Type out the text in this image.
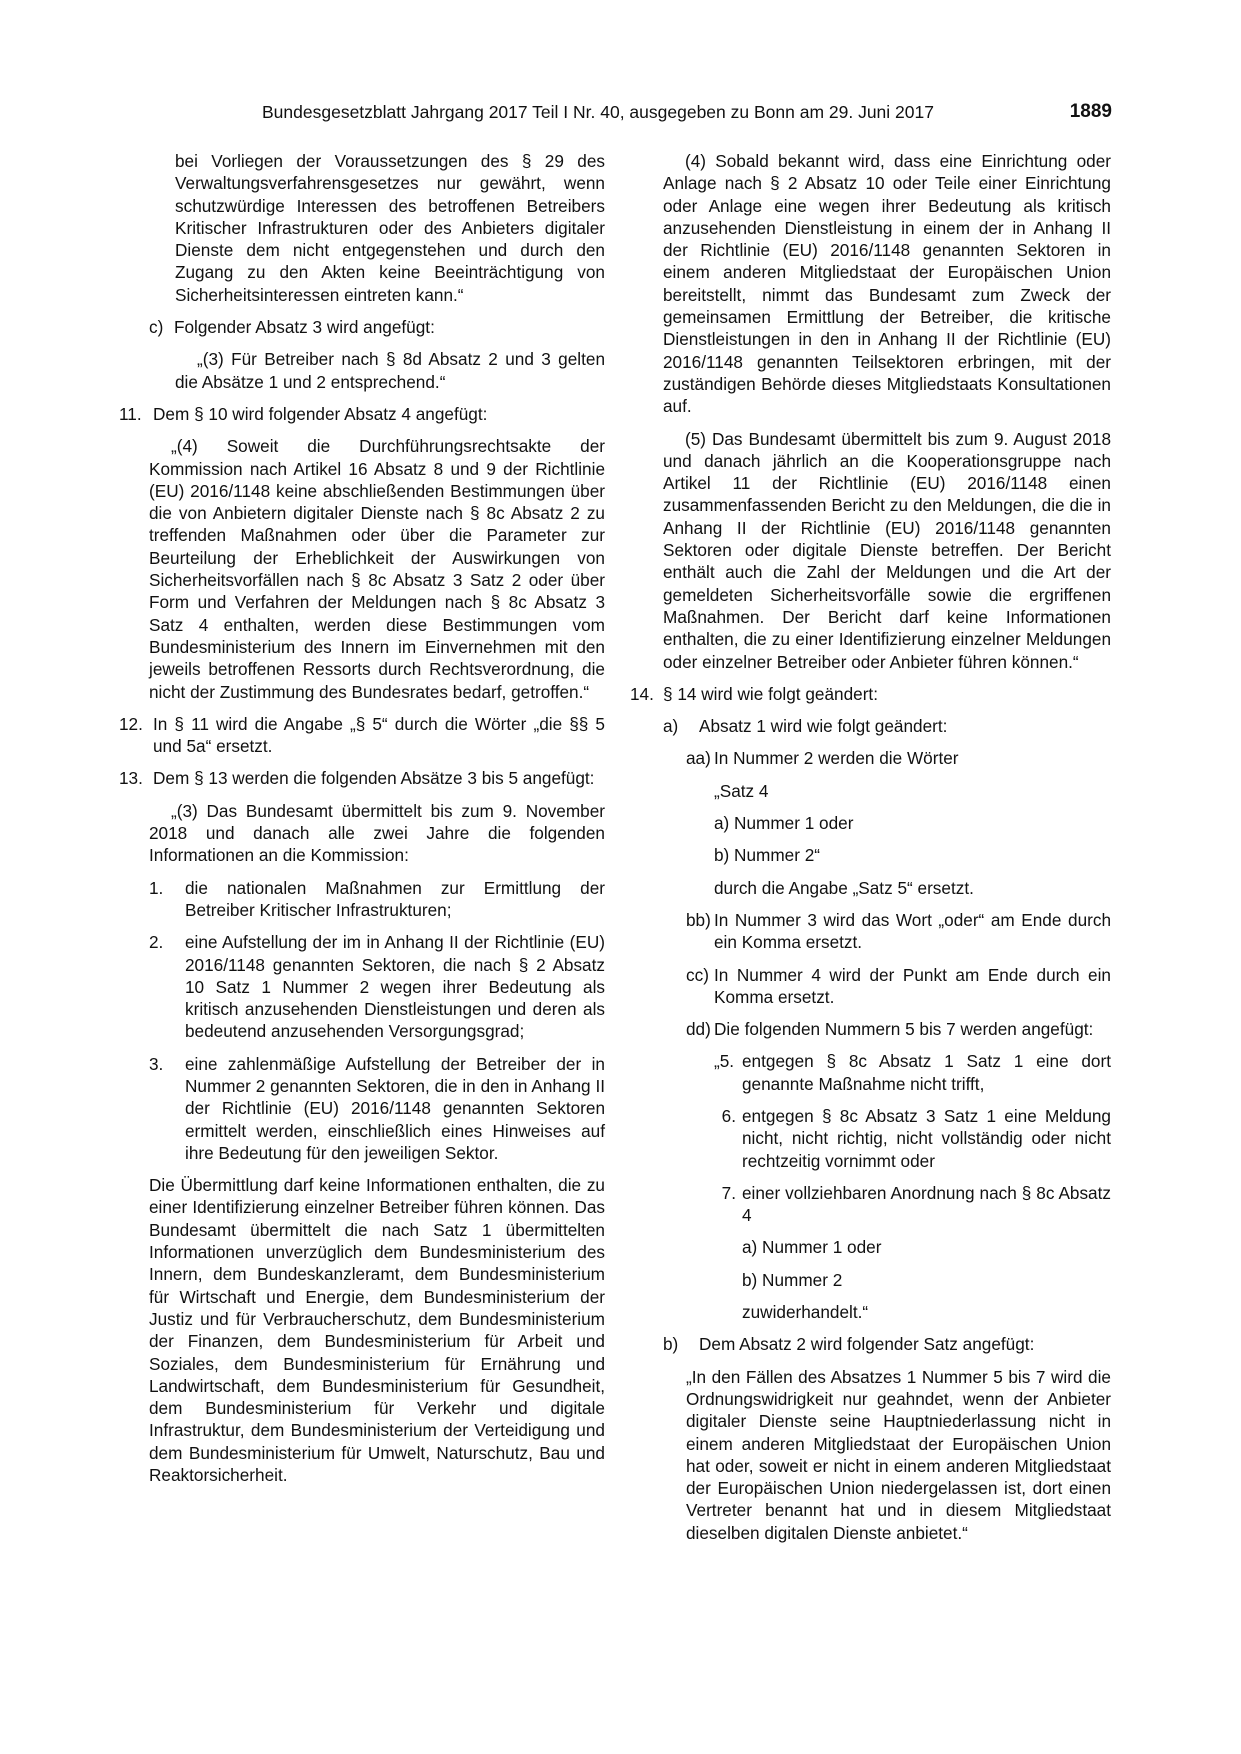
Bundesgesetzblatt Jahrgang 2017 Teil I Nr. 40, ausgegeben zu Bonn am 29. Juni 2017	1889

bei Vorliegen der Voraussetzungen des § 29 des Verwaltungsverfahrensgesetzes nur gewährt, wenn schutzwürdige Interessen des betroffenen Betreibers Kritischer Infrastrukturen oder des Anbieters digitaler Dienste dem nicht entgegenstehen und durch den Zugang zu den Akten keine Beeinträchtigung von Sicherheitsinteressen eintreten kann.“

c) Folgender Absatz 3 wird angefügt:

„(3) Für Betreiber nach § 8d Absatz 2 und 3 gelten die Absätze 1 und 2 entsprechend.“

11. Dem § 10 wird folgender Absatz 4 angefügt:

„(4) Soweit die Durchführungsrechtsakte der Kommission nach Artikel 16 Absatz 8 und 9 der Richtlinie (EU) 2016/1148 keine abschließenden Bestimmungen über die von Anbietern digitaler Dienste nach § 8c Absatz 2 zu treffenden Maßnahmen oder über die Parameter zur Beurteilung der Erheblichkeit der Auswirkungen von Sicherheitsvorfällen nach § 8c Absatz 3 Satz 2 oder über Form und Verfahren der Meldungen nach § 8c Absatz 3 Satz 4 enthalten, werden diese Bestimmungen vom Bundesministerium des Innern im Einvernehmen mit den jeweils betroffenen Ressorts durch Rechtsverordnung, die nicht der Zustimmung des Bundesrates bedarf, getroffen.“

12. In § 11 wird die Angabe „§ 5“ durch die Wörter „die §§ 5 und 5a“ ersetzt.
13. Dem § 13 werden die folgenden Absätze 3 bis 5 angefügt:

„(3) Das Bundesamt übermittelt bis zum 9. November 2018 und danach alle zwei Jahre die folgenden Informationen an die Kommission:

1.	die nationalen Maßnahmen zur Ermittlung der Betreiber Kritischer Infrastrukturen;
2.	eine Aufstellung der im in Anhang II der Richtlinie (EU) 2016/1148 genannten Sektoren, die nach § 2 Absatz 10 Satz 1 Nummer 2 wegen ihrer Bedeutung als kritisch anzusehenden Dienstleistungen und deren als bedeutend anzusehenden Versorgungsgrad;
3.	eine zahlenmäßige Aufstellung der Betreiber der in Nummer 2 genannten Sektoren, die in den in Anhang II der Richtlinie (EU) 2016/1148 genannten Sektoren ermittelt werden, einschließlich eines Hinweises auf ihre Bedeutung für den jeweiligen Sektor.

Die Übermittlung darf keine Informationen enthalten, die zu einer Identifizierung einzelner Betreiber führen können. Das Bundesamt übermittelt die nach Satz 1 übermittelten Informationen unverzüglich dem Bundesministerium des Innern, dem Bundeskanzleramt, dem Bundesministerium für Wirtschaft und Energie, dem Bundesministerium der Justiz und für Verbraucherschutz, dem Bundesministerium der Finanzen, dem Bundesministerium für Arbeit und Soziales, dem Bundesministerium für Ernährung und Landwirtschaft, dem Bundesministerium für Gesundheit, dem Bundesministerium für Verkehr und digitale Infrastruktur, dem Bundesministerium der Verteidigung und dem Bundesministerium für Umwelt, Naturschutz, Bau und Reaktorsicherheit.

(4) Sobald bekannt wird, dass eine Einrichtung oder Anlage nach § 2 Absatz 10 oder Teile einer Einrichtung oder Anlage eine wegen ihrer Bedeutung als kritisch anzusehenden Dienstleistung in einem der in Anhang II der Richtlinie (EU) 2016/1148 genannten Sektoren in einem anderen Mitgliedstaat der Europäischen Union bereitstellt, nimmt das Bundesamt zum Zweck der gemeinsamen Ermittlung der Betreiber, die kritische Dienstleistungen in den in Anhang II der Richtlinie (EU) 2016/1148 genannten Teilsektoren erbringen, mit der zuständigen Behörde dieses Mitgliedstaats Konsultationen auf.

(5) Das Bundesamt übermittelt bis zum 9. August 2018 und danach jährlich an die Kooperationsgruppe nach Artikel 11 der Richtlinie (EU) 2016/1148 einen zusammenfassenden Bericht zu den Meldungen, die die in Anhang II der Richtlinie (EU) 2016/1148 genannten Sektoren oder digitale Dienste betreffen. Der Bericht enthält auch die Zahl der Meldungen und die Art der gemeldeten Sicherheitsvorfälle sowie die ergriffenen Maßnahmen. Der Bericht darf keine Informationen enthalten, die zu einer Identifizierung einzelner Meldungen oder einzelner Betreiber oder Anbieter führen können.“

14. § 14 wird wie folgt geändert:
a)	Absatz 1 wird wie folgt geändert:
aa) In Nummer 2 werden die Wörter

„Satz 4

a) Nummer 1 oder

b) Nummer 2“

durch die Angabe „Satz 5“ ersetzt.

bb) In Nummer 3 wird das Wort „oder“ am Ende durch ein Komma ersetzt.
cc) In Nummer 4 wird der Punkt am Ende durch ein Komma ersetzt.
dd) Die folgenden Nummern 5 bis 7 werden angefügt:
„5. entgegen § 8c Absatz 1 Satz 1 eine dort genannte Maßnahme nicht trifft,
6. entgegen § 8c Absatz 3 Satz 1 eine Meldung nicht, nicht richtig, nicht vollständig oder nicht rechtzeitig vornimmt oder
7. einer vollziehbaren Anordnung nach § 8c Absatz 4

a) Nummer 1 oder

b) Nummer 2

zuwiderhandelt.“

b)	Dem Absatz 2 wird folgender Satz angefügt:

„In den Fällen des Absatzes 1 Nummer 5 bis 7 wird die Ordnungswidrigkeit nur geahndet, wenn der Anbieter digitaler Dienste seine Hauptniederlassung nicht in einem anderen Mitgliedstaat der Europäischen Union hat oder, soweit er nicht in einem anderen Mitgliedstaat der Europäischen Union niedergelassen ist, dort einen Vertreter benannt hat und in diesem Mitgliedstaat dieselben digitalen Dienste anbietet.“
